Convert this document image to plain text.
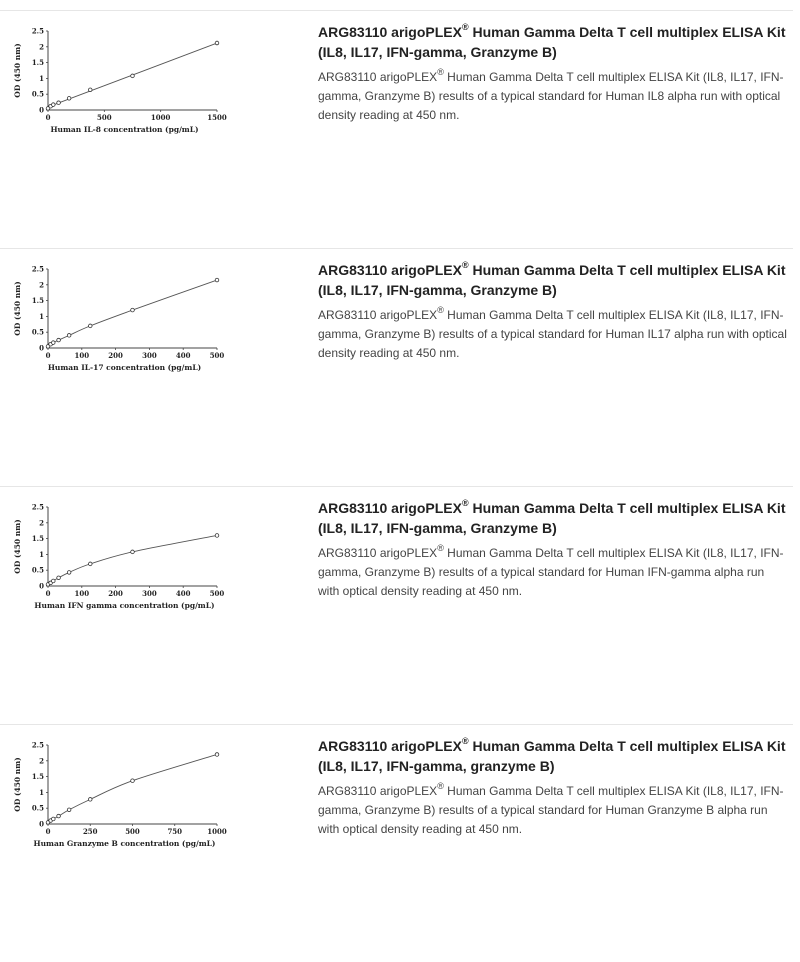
0
0.5
1
1.5
2
2.5
0	500	1000	1500
Human IL-8 concentration (pg/mL)
OD (450 nm)

ARG83110 arigoPLEX® Human Gamma Delta T cell multiplex ELISA Kit (IL8, IL17, IFN-gamma, Granzyme B)

ARG83110 arigoPLEX® Human Gamma Delta T cell multiplex ELISA Kit (IL8, IL17, IFN-gamma, Granzyme B) results of a typical standard for Human IL8 alpha run with optical density reading at 450 nm.

0
0.5
1
1.5
2
2.5
0	100	200	300	400	500
Human IL-17 concentration (pg/mL)
OD (450 nm)

ARG83110 arigoPLEX® Human Gamma Delta T cell multiplex ELISA Kit (IL8, IL17, IFN-gamma, Granzyme B)

ARG83110 arigoPLEX® Human Gamma Delta T cell multiplex ELISA Kit (IL8, IL17, IFN-gamma, Granzyme B) results of a typical standard for Human IL17 alpha run with optical density reading at 450 nm.

0
0.5
1
1.5
2
2.5
0	100	200	300	400	500
Human IFN gamma concentration (pg/mL)
OD (450 nm)

ARG83110 arigoPLEX® Human Gamma Delta T cell multiplex ELISA Kit (IL8, IL17, IFN-gamma, Granzyme B)

ARG83110 arigoPLEX® Human Gamma Delta T cell multiplex ELISA Kit (IL8, IL17, IFN-gamma, Granzyme B) results of a typical standard for Human IFN-gamma alpha run with optical density reading at 450 nm.

0
0.5
1
1.5
2
2.5
0	250	500	750	1000
Human Granzyme B concentration (pg/mL)
OD (450 nm)

ARG83110 arigoPLEX® Human Gamma Delta T cell multiplex ELISA Kit (IL8, IL17, IFN-gamma, granzyme B)

ARG83110 arigoPLEX® Human Gamma Delta T cell multiplex ELISA Kit (IL8, IL17, IFN-gamma, Granzyme B) results of a typical standard for Human Granzyme B alpha run with optical density reading at 450 nm.
